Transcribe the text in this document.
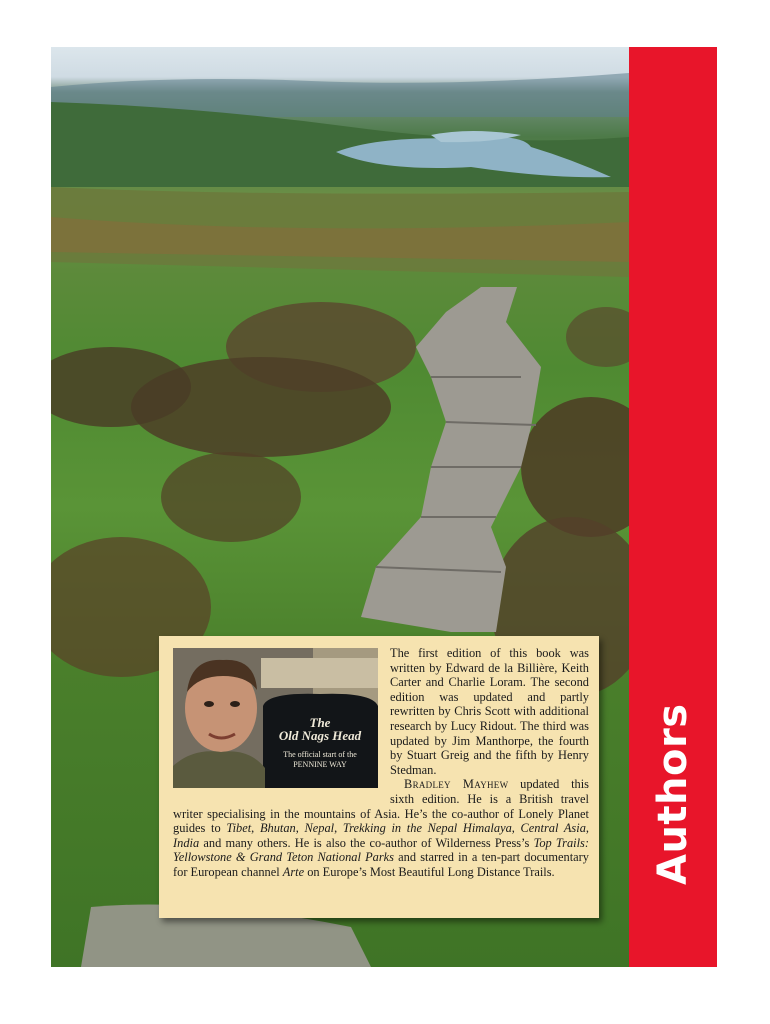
Authors
The
Old Nags Head
The official start of the
PENNINE WAY

The first edition of this book was written by Edward de la Billière, Keith Carter and Charlie Loram. The second edition was updated and partly rewritten by Chris Scott with additional research by Lucy Ridout. The third was updated by Jim Manthorpe, the fourth by Stuart Greig and the fifth by Henry Stedman.

Bradley Mayhew updated this sixth edition. He is a British travel writer specialising in the mountains of Asia. He’s the co-author of Lonely Planet guides to Tibet, Bhutan, Nepal, Trekking in the Nepal Himalaya, Central Asia, India and many others. He is also the co-author of Wilderness Press’s Top Trails: Yellowstone & Grand Teton National Parks and starred in a ten-part documentary for European channel Arte on Europe’s Most Beautiful Long Distance Trails.
